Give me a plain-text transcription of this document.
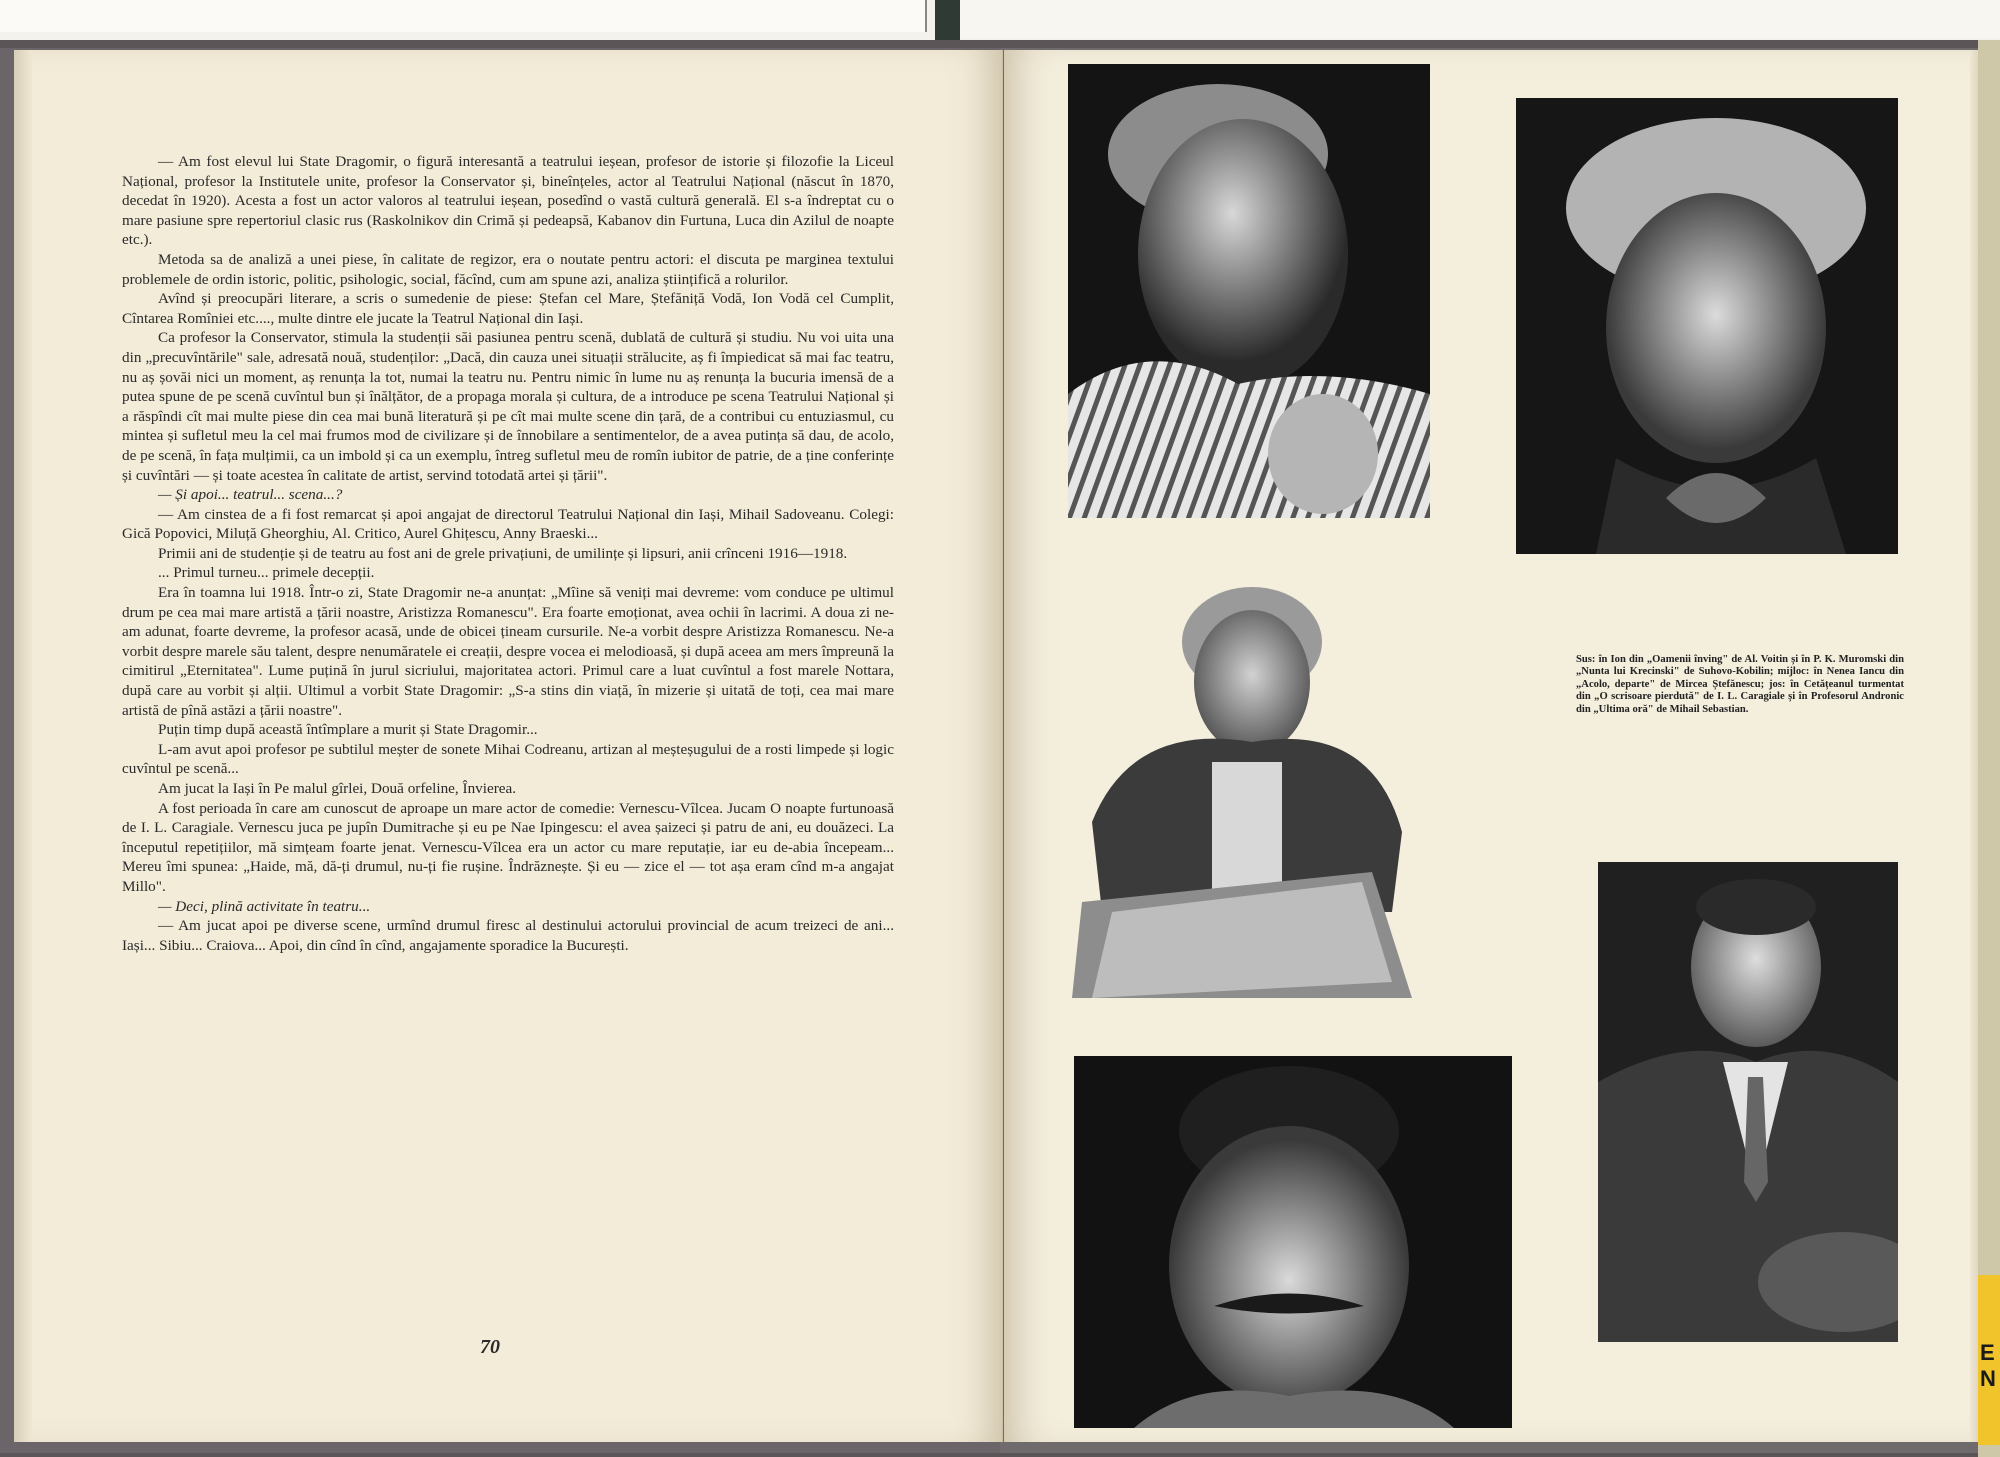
E
N

— Am fost elevul lui State Dragomir, o figură interesantă a teatrului ieșean, profesor de istorie și filozofie la Liceul Național, profesor la Institutele unite, profesor la Conservator și, bineînțeles, actor al Teatrului Național (născut în 1870, decedat în 1920). Acesta a fost un actor valoros al teatrului ieșean, posedînd o vastă cultură generală. El s-a îndreptat cu o mare pasiune spre repertoriul clasic rus (Raskolnikov din Crimă și pedeapsă, Kabanov din Furtuna, Luca din Azilul de noapte etc.).

Metoda sa de analiză a unei piese, în calitate de regizor, era o noutate pentru actori: el discuta pe marginea textului problemele de ordin istoric, politic, psihologic, social, făcînd, cum am spune azi, analiza științifică a rolurilor.

Avînd și preocupări literare, a scris o sumedenie de piese: Ștefan cel Mare, Ștefăniță Vodă, Ion Vodă cel Cumplit, Cîntarea Romîniei etc...., multe dintre ele jucate la Teatrul Național din Iași.

Ca profesor la Conservator, stimula la studenții săi pasiunea pentru scenă, dublată de cultură și studiu. Nu voi uita una din „precuvîntările" sale, adresată nouă, studenților: „Dacă, din cauza unei situații strălucite, aș fi împiedicat să mai fac teatru, nu aș șovăi nici un moment, aș renunța la tot, numai la teatru nu. Pentru nimic în lume nu aș renunța la bucuria imensă de a putea spune de pe scenă cuvîntul bun și înălțător, de a propaga morala și cultura, de a introduce pe scena Teatrului Național și a răspîndi cît mai multe piese din cea mai bună literatură și pe cît mai multe scene din țară, de a contribui cu entuziasmul, cu mintea și sufletul meu la cel mai frumos mod de civilizare și de înnobilare a sentimentelor, de a avea putința să dau, de acolo, de pe scenă, în fața mulțimii, ca un imbold și ca un exemplu, întreg sufletul meu de romîn iubitor de patrie, de a ține conferințe și cuvîntări — și toate acestea în calitate de artist, servind totodată artei și țării".

— Și apoi... teatrul... scena...?

— Am cinstea de a fi fost remarcat și apoi angajat de directorul Teatrului Național din Iași, Mihail Sadoveanu. Colegi: Gică Popovici, Miluță Gheorghiu, Al. Critico, Aurel Ghițescu, Anny Braeski...

Primii ani de studenție și de teatru au fost ani de grele privațiuni, de umilințe și lipsuri, anii crînceni 1916—1918.

... Primul turneu... primele decepții.

Era în toamna lui 1918. Într-o zi, State Dragomir ne-a anunțat: „Mîine să veniți mai devreme: vom conduce pe ultimul drum pe cea mai mare artistă a țării noastre, Aristizza Romanescu". Era foarte emoționat, avea ochii în lacrimi. A doua zi ne-am adunat, foarte devreme, la profesor acasă, unde de obicei țineam cursurile. Ne-a vorbit despre Aristizza Romanescu. Ne-a vorbit despre marele său talent, despre nenumăratele ei creații, despre vocea ei melodioasă, și după aceea am mers împreună la cimitirul „Eternitatea". Lume puțină în jurul sicriului, majoritatea actori. Primul care a luat cuvîntul a fost marele Nottara, după care au vorbit și alții. Ultimul a vorbit State Dragomir: „S-a stins din viață, în mizerie și uitată de toți, cea mai mare artistă de pînă astăzi a țării noastre".

Puțin timp după această întîmplare a murit și State Dragomir...

L-am avut apoi profesor pe subtilul meșter de sonete Mihai Codreanu, artizan al meșteșugului de a rosti limpede și logic cuvîntul pe scenă...

Am jucat la Iași în Pe malul gîrlei, Două orfeline, Învierea.

A fost perioada în care am cunoscut de aproape un mare actor de comedie: Vernescu-Vîlcea. Jucam O noapte furtunoasă de I. L. Caragiale. Vernescu juca pe jupîn Dumitrache și eu pe Nae Ipingescu: el avea șaizeci și patru de ani, eu douăzeci. La începutul repetițiilor, mă simțeam foarte jenat. Vernescu-Vîlcea era un actor cu mare reputație, iar eu de-abia începeam... Mereu îmi spunea: „Haide, mă, dă-ți drumul, nu-ți fie rușine. Îndrăznește. Și eu — zice el — tot așa eram cînd m-a angajat Millo".

— Deci, plină activitate în teatru...

— Am jucat apoi pe diverse scene, urmînd drumul firesc al destinului actorului provincial de acum treizeci de ani... Iași... Sibiu... Craiova... Apoi, din cînd în cînd, angajamente sporadice la București.

70
Sus: în Ion din „Oamenii înving" de Al. Voitin și în P. K. Muromski din „Nunta lui Krecinski" de Suhovo-Kobilin; mijloc: în Nenea Iancu din „Acolo, departe" de Mircea Ștefănescu; jos: în Cetățeanul turmentat din „O scrisoare pierdută" de I. L. Caragiale și în Profesorul Andronic din „Ultima oră" de Mihail Sebastian.
